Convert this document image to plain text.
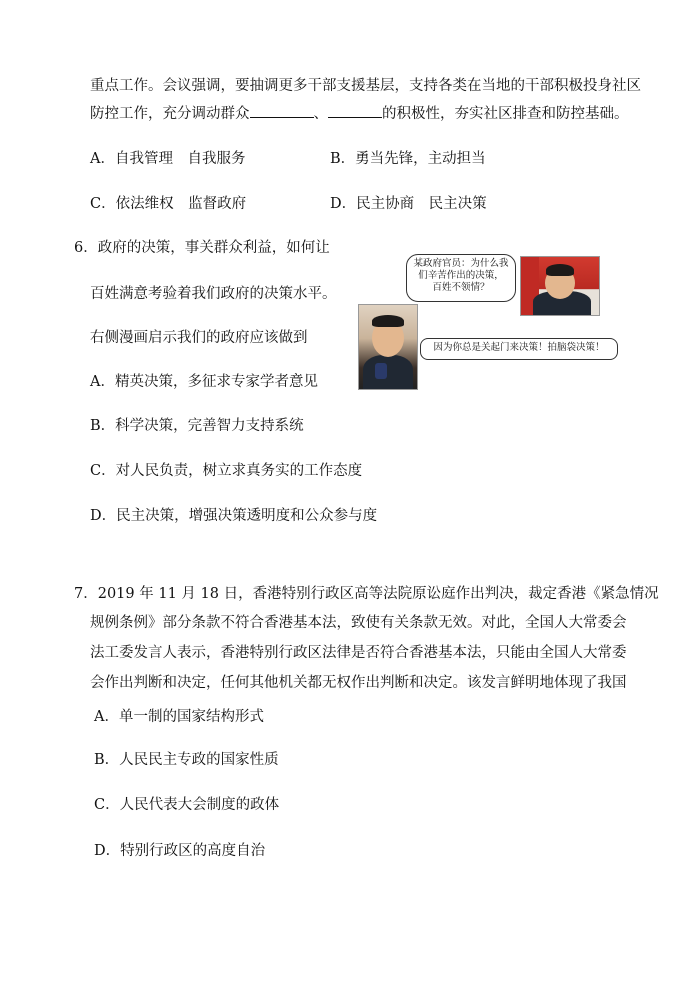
重点工作。会议强调，要抽调更多干部支援基层，支持各类在当地的干部积极投身社区
防控工作，充分调动群众	、	的积极性，夯实社区排查和防控基础。
A．自我管理　自我服务	B．勇当先锋，主动担当
C．依法维权　监督政府	D．民主协商　民主决策
6．政府的决策，事关群众利益，如何让
百姓满意考验着我们政府的决策水平。
右侧漫画启示我们的政府应该做到
A．精英决策，多征求专家学者意见
B．科学决策，完善智力支持系统
C．对人民负责，树立求真务实的工作态度
D．民主决策，增强决策透明度和公众参与度
某政府官员：为什么我
们辛苦作出的决策，
百姓不领情？
因为你总是关起门来决策！拍脑袋决策！
7．2019 年 11 月 18 日，香港特别行政区高等法院原讼庭作出判决，裁定香港《紧急情况
规例条例》部分条款不符合香港基本法，致使有关条款无效。对此，全国人大常委会
法工委发言人表示，香港特别行政区法律是否符合香港基本法，只能由全国人大常委
会作出判断和决定，任何其他机关都无权作出判断和决定。该发言鲜明地体现了我国
A．单一制的国家结构形式
B．人民民主专政的国家性质
C．人民代表大会制度的政体
D．特别行政区的高度自治
